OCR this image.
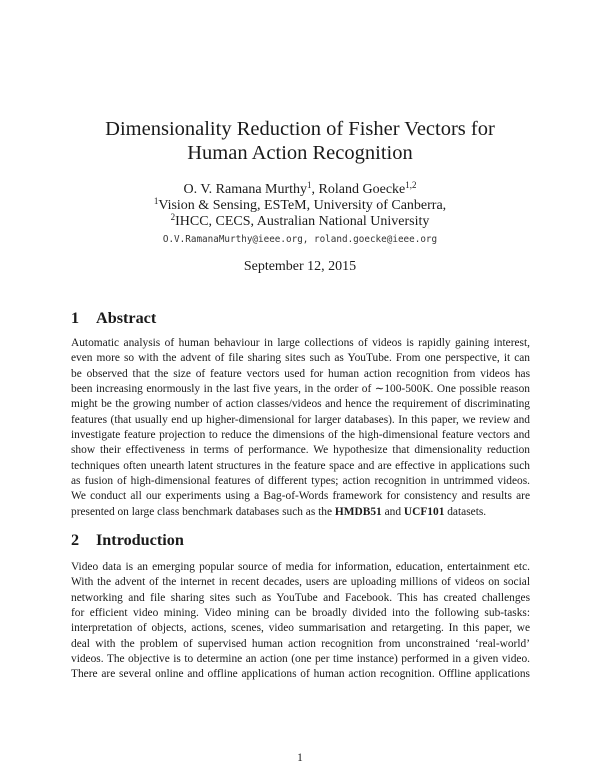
Dimensionality Reduction of Fisher Vectors for
Human Action Recognition
O. V. Ramana Murthy$^1$, Roland Goecke$^{1,2}$
$^1$Vision & Sensing, ESTeM, University of Canberra,
$^2$IHCC, CECS, Australian National University
O.V.RamanaMurthy@ieee.org, roland.goecke@ieee.org
September 12, 2015
1 Abstract
Automatic analysis of human behaviour in large collections of videos is rapidly gaining interest,
even more so with the advent of file sharing sites such as YouTube. From one perspective, it can
be observed that the size of feature vectors used for human action recognition from videos has
been increasing enormously in the last five years, in the order of ∼100-500K. One possible reason
might be the growing number of action classes/videos and hence the requirement of discriminating
features (that usually end up higher-dimensional for larger databases). In this paper, we review and
investigate feature projection to reduce the dimensions of the high-dimensional feature vectors and
show their effectiveness in terms of performance. We hypothesize that dimensionality reduction
techniques often unearth latent structures in the feature space and are effective in applications such
as fusion of high-dimensional features of different types; action recognition in untrimmed videos.
We conduct all our experiments using a Bag-of-Words framework for consistency and results are
presented on large class benchmark databases such as the HMDB51 and UCF101 datasets.
2 Introduction
Video data is an emerging popular source of media for information, education, entertainment etc.
With the advent of the internet in recent decades, users are uploading millions of videos on social
networking and file sharing sites such as YouTube and Facebook. This has created challenges
for efficient video mining. Video mining can be broadly divided into the following sub-tasks:
interpretation of objects, actions, scenes, video summarisation and retargeting. In this paper, we
deal with the problem of supervised human action recognition from unconstrained ‘real-world’
videos. The objective is to determine an action (one per time instance) performed in a given video.
There are several online and offline applications of human action recognition. Offline applications
1
